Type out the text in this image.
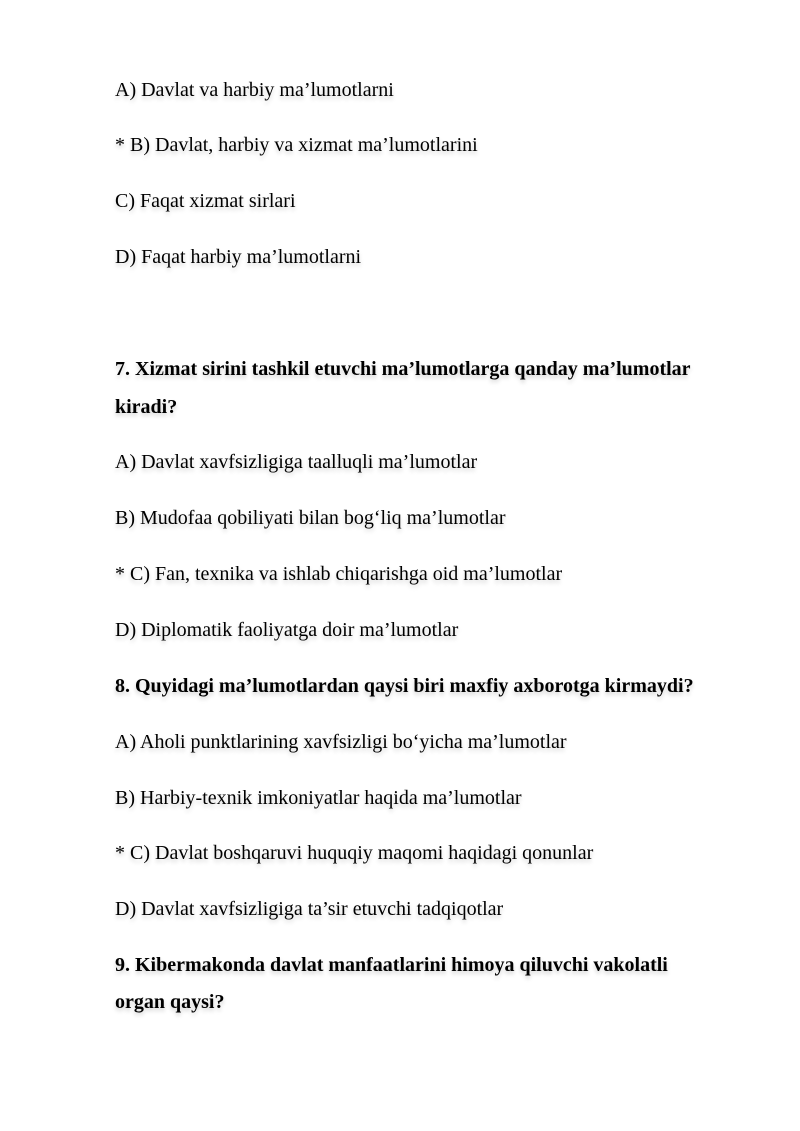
A) Davlat va harbiy ma’lumotlarni
* B) Davlat, harbiy va xizmat ma’lumotlarini
C) Faqat xizmat sirlari
D) Faqat harbiy ma’lumotlarni
7. Xizmat sirini tashkil etuvchi ma’lumotlarga qanday ma’lumotlar
kiradi?
A) Davlat xavfsizligiga taalluqli ma’lumotlar
B) Mudofaa qobiliyati bilan bog‘liq ma’lumotlar
* C) Fan, texnika va ishlab chiqarishga oid ma’lumotlar
D) Diplomatik faoliyatga doir ma’lumotlar
8. Quyidagi ma’lumotlardan qaysi biri maxfiy axborotga kirmaydi?
A) Aholi punktlarining xavfsizligi bo‘yicha ma’lumotlar
B) Harbiy-texnik imkoniyatlar haqida ma’lumotlar
* C) Davlat boshqaruvi huquqiy maqomi haqidagi qonunlar
D) Davlat xavfsizligiga ta’sir etuvchi tadqiqotlar
9. Kibermakonda davlat manfaatlarini himoya qiluvchi vakolatli
organ qaysi?
